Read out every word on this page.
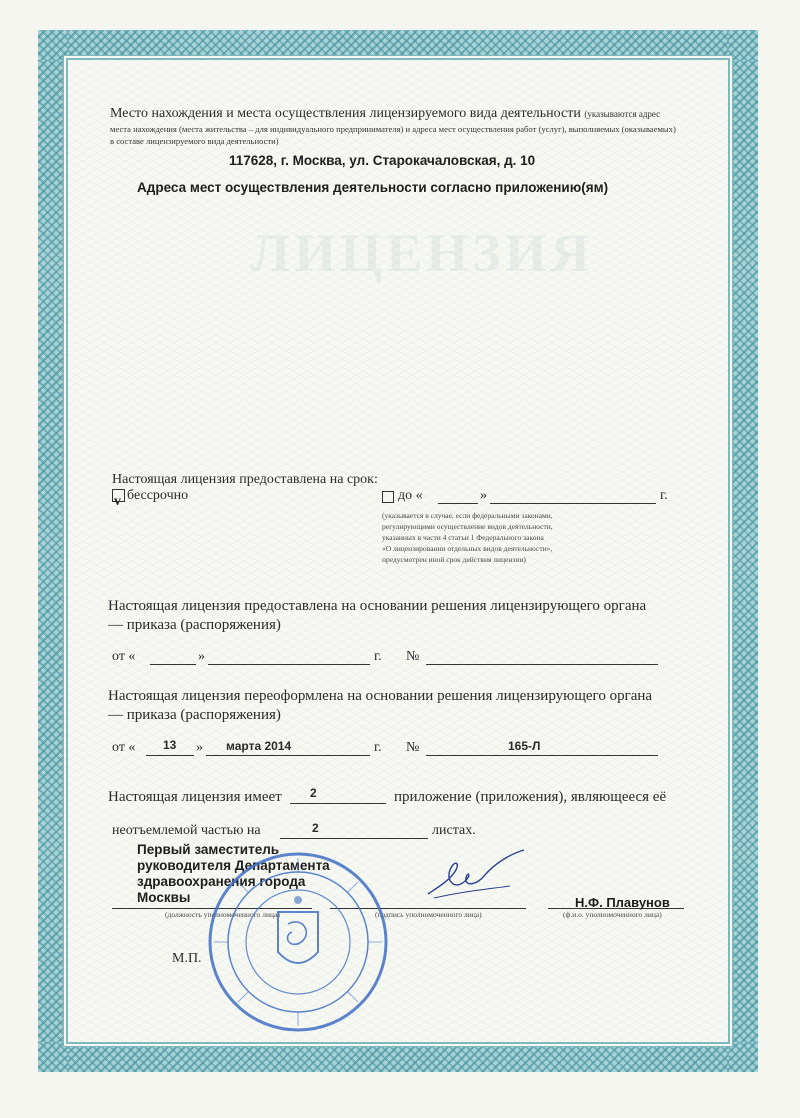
ЛИЦЕНЗИЯ
Место нахождения и места осуществления лицензируемого вида деятельности (указываются адрес
места нахождения (места жительства – для индивидуального предпринимателя) и адреса мест осуществления работ (услуг), выполняемых (оказываемых)
в составе лицензируемого вида деятельности)
117628, г. Москва, ул. Старокачаловская, д. 10
Адреса мест осуществления деятельности согласно приложению(ям)
Настоящая лицензия предоставлена на срок:
v бессрочно	до «	»	г.
(указывается в случае, если федеральными законами,
регулирующими осуществление видов деятельности,
указанных в части 4 статьи 1 Федерального закона
«О лицензировании отдельных видов деятельности»,
предусмотрен иной срок действия лицензии)
Настоящая лицензия предоставлена на основании решения лицензирующего органа
— приказа (распоряжения)
от «	»	г. №
Настоящая лицензия переоформлена на основании решения лицензирующего органа
— приказа (распоряжения)
от « 13 » марта 2014	г. №	165-Л
Настоящая лицензия имеет 2	приложение (приложения), являющееся её
неотъемлемой частью на	2	листах.
Первый заместитель
руководителя Департамента
здравоохранения города
Москвы
(должность уполномоченного лица)	(подпись уполномоченного лица)
Н.Ф. Плавунов
(ф.и.о. уполномоченного лица)
М.П.
